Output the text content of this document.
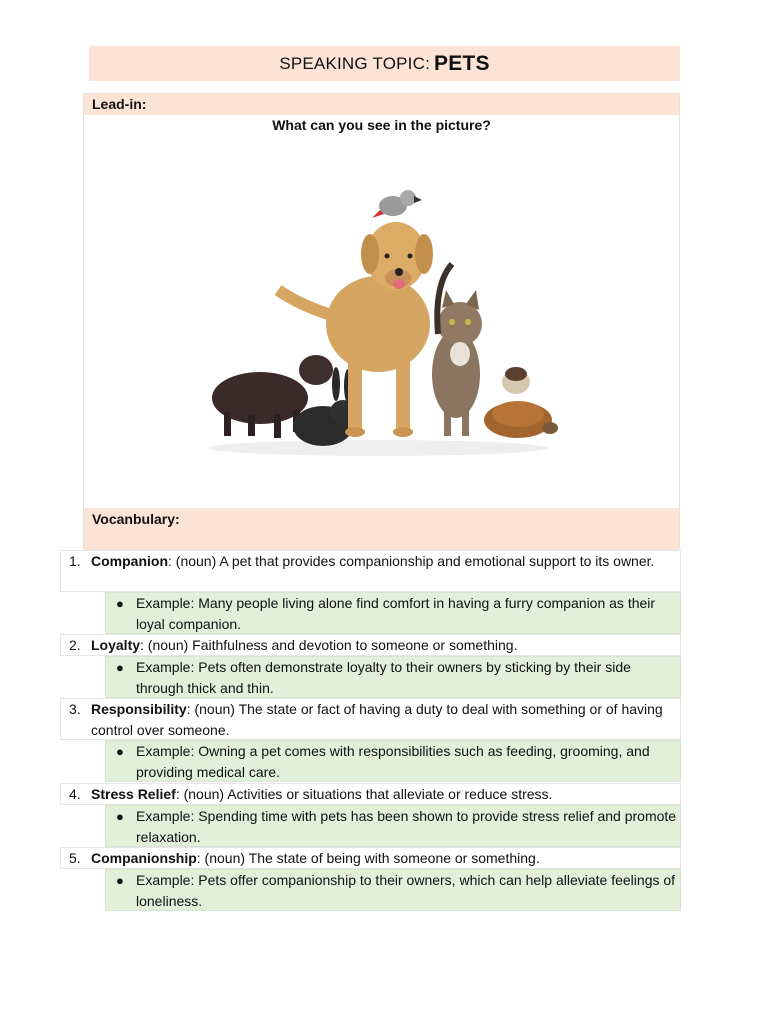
SPEAKING TOPIC: PETS
Lead-in:
What can you see in the picture?
Vocanbulary:
1. Companion: (noun) A pet that provides companionship and emotional support to its owner.
● Example: Many people living alone find comfort in having a furry companion as their loyal companion.
2. Loyalty: (noun) Faithfulness and devotion to someone or something.
● Example: Pets often demonstrate loyalty to their owners by sticking by their side through thick and thin.
3. Responsibility: (noun) The state or fact of having a duty to deal with something or of having control over someone.
● Example: Owning a pet comes with responsibilities such as feeding, grooming, and providing medical care.
4. Stress Relief: (noun) Activities or situations that alleviate or reduce stress.
● Example: Spending time with pets has been shown to provide stress relief and promote relaxation.
5. Companionship: (noun) The state of being with someone or something.
● Example: Pets offer companionship to their owners, which can help alleviate feelings of loneliness.
